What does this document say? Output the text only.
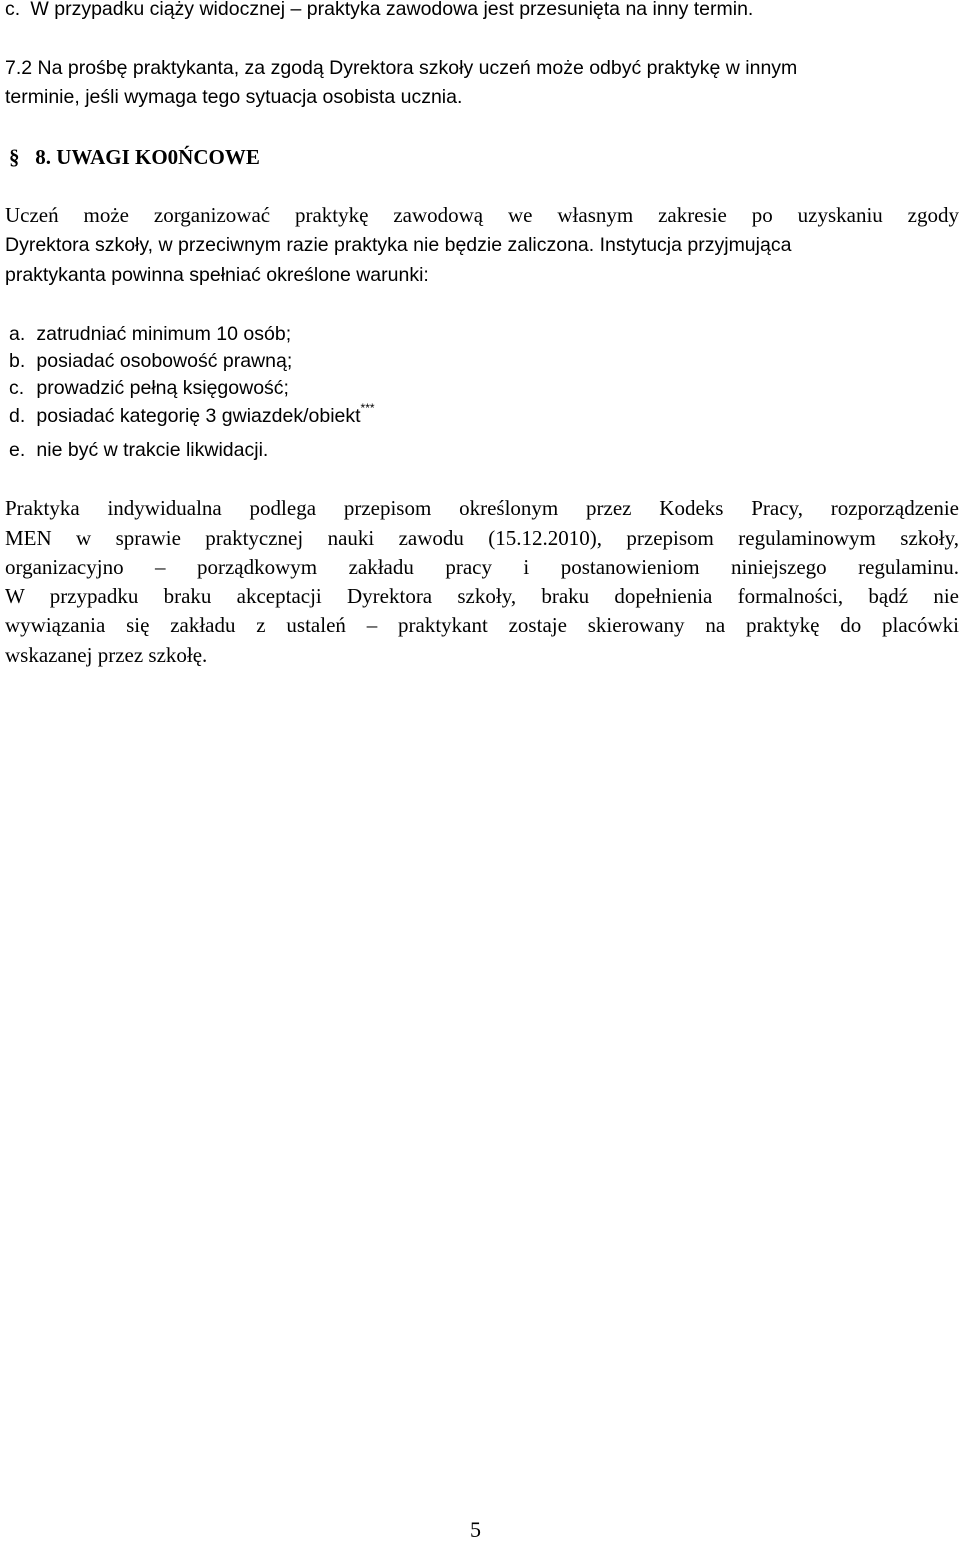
c. W przypadku ciąży widocznej – praktyka zawodowa jest przesunięta na inny termin.
7.2 Na prośbę praktykanta, za zgodą Dyrektora szkoły uczeń może odbyć praktykę w innym
terminie, jeśli wymaga tego sytuacja osobista ucznia.
§ 8. UWAGI KO0ŃCOWE
Uczeń może zorganizować praktykę zawodową we własnym zakresie po uzyskaniu zgody
Dyrektora szkoły, w przeciwnym razie praktyka nie będzie zaliczona. Instytucja przyjmująca
praktykanta powinna spełniać określone warunki:
a. zatrudniać minimum 10 osób;
b. posiadać osobowość prawną;
c. prowadzić pełną księgowość;
d. posiadać kategorię 3 gwiazdek/obiekt***
e. nie być w trakcie likwidacji.
Praktyka indywidualna podlega przepisom określonym przez Kodeks Pracy, rozporządzenie
MEN w sprawie praktycznej nauki zawodu (15.12.2010), przepisom regulaminowym szkoły,
organizacyjno – porządkowym zakładu pracy i postanowieniom niniejszego regulaminu.
W przypadku braku akceptacji Dyrektora szkoły, braku dopełnienia formalności, bądź nie
wywiązania się zakładu z ustaleń – praktykant zostaje skierowany na praktykę do placówki
wskazanej przez szkołę.
5
